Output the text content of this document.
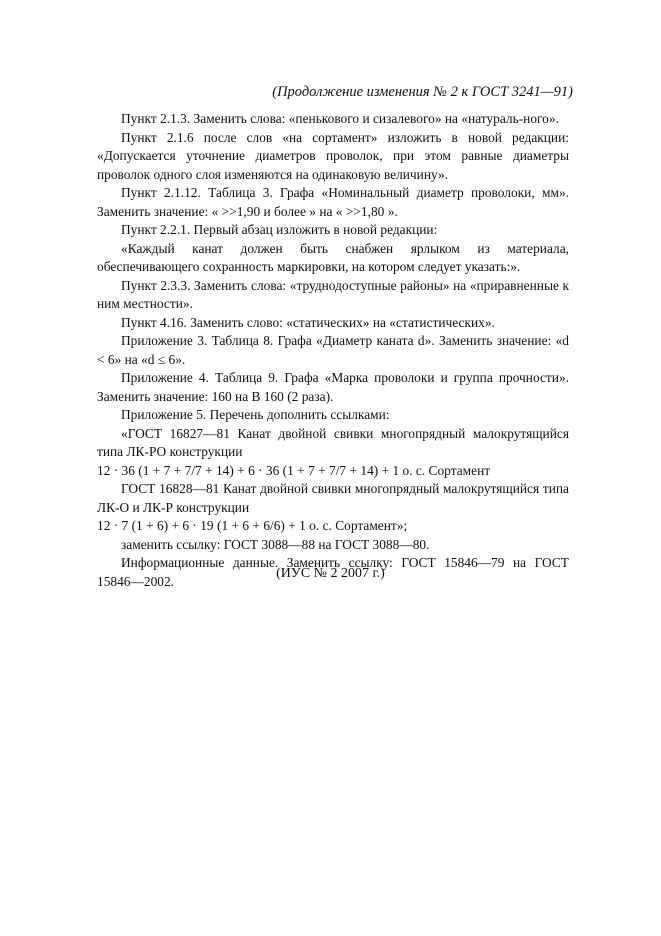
(Продолжение изменения № 2 к ГОСТ 3241—91)

Пункт 2.1.3. Заменить слова: «пенькового и сизалевого» на «натураль-ного».

Пункт 2.1.6 после слов «на сортамент» изложить в новой редакции: «Допускается уточнение диаметров проволок, при этом равные диаметры проволок одного слоя изменяются на одинаковую величину».

Пункт 2.1.12. Таблица 3. Графа «Номинальный диаметр проволоки, мм». Заменить значение: « >>1,90 и более » на « >>1,80 ».

Пункт 2.2.1. Первый абзац изложить в новой редакции:

«Каждый канат должен быть снабжен ярлыком из материала, обеспечивающего сохранность маркировки, на котором следует указать:».

Пункт 2.3.3. Заменить слова: «труднодоступные районы» на «приравненные к ним местности».

Пункт 4.16. Заменить слово: «статических» на «статистических».

Приложение 3. Таблица 8. Графа «Диаметр каната d». Заменить значение: «d < 6» на «d ≤ 6».

Приложение 4. Таблица 9. Графа «Марка проволоки и группа прочности». Заменить значение: 160 на В 160 (2 раза).

Приложение 5. Перечень дополнить ссылками:

«ГОСТ 16827—81 Канат двойной свивки многопрядный малокрутящийся типа ЛК-РО конструкции

12 · 36 (1 + 7 + 7/7 + 14) + 6 · 36 (1 + 7 + 7/7 + 14) + 1 о. с. Сортамент

ГОСТ 16828—81 Канат двойной свивки многопрядный малокрутящийся типа ЛК-О и ЛК-Р конструкции

12 · 7 (1 + 6) + 6 · 19 (1 + 6 + 6/6) + 1 о. с. Сортамент»;

заменить ссылку: ГОСТ 3088—88 на ГОСТ 3088—80.

Информационные данные. Заменить ссылку: ГОСТ 15846—79 на ГОСТ 15846—2002.	(ИУС № 2 2007 г.)
